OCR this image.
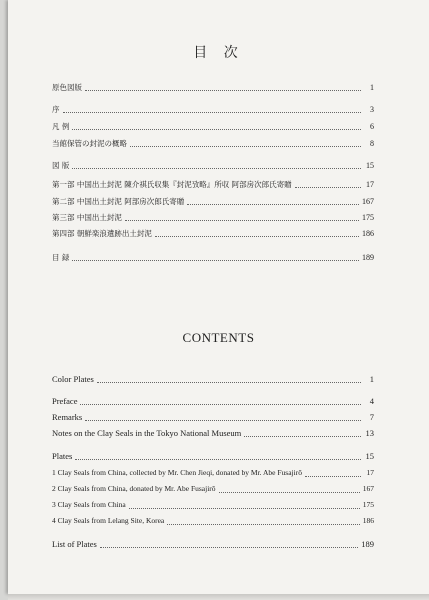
目 次
原色図版	1
序	3
凡 例	6
当館保管の封泥の概略	8
図 版	15
第一部 中国出土封泥 陳介祺氏収集『封泥攷略』所収 阿部房次郎氏寄贈	17
第二部 中国出土封泥 阿部房次郎氏寄贈	167
第三部 中国出土封泥	175
第四部 朝鮮楽浪遺跡出土封泥	186
目 録	189
CONTENTS
Color Plates	1
Preface	4
Remarks	7
Notes on the Clay Seals in the Tokyo National Museum	13
Plates	15
1 Clay Seals from China, collected by Mr. Chen Jieqi, donated by Mr. Abe Fusajirō	17
2 Clay Seals from China, donated by Mr. Abe Fusajirō	167
3 Clay Seals from China	175
4 Clay Seals from Lelang Site, Korea	186
List of Plates	189
